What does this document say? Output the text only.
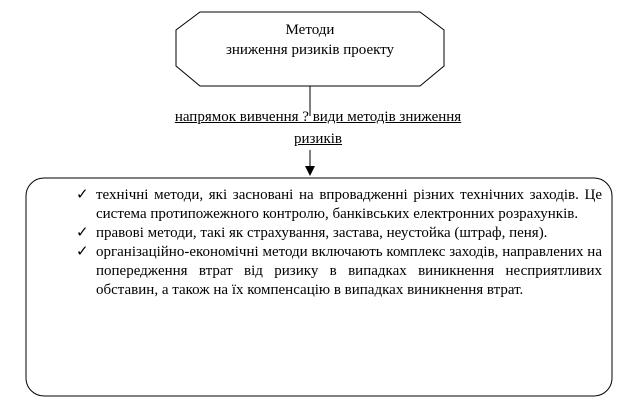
Методи
зниження ризиків проекту
напрямок вивчення ? види методів зниження
ризиків
✓ технічні методи, які засновані на впровадженні різних технічних заходів. Це система протипожежного контролю, банківських електронних розрахунків.
✓ правові методи, такі як страхування, застава, неустойка (штраф, пеня).
✓ організаційно-економічні методи включають комплекс заходів, направлених на попередження втрат від ризику в випадках виникнення несприятливих обставин, а також на їх компенсацію в випадках виникнення втрат.
